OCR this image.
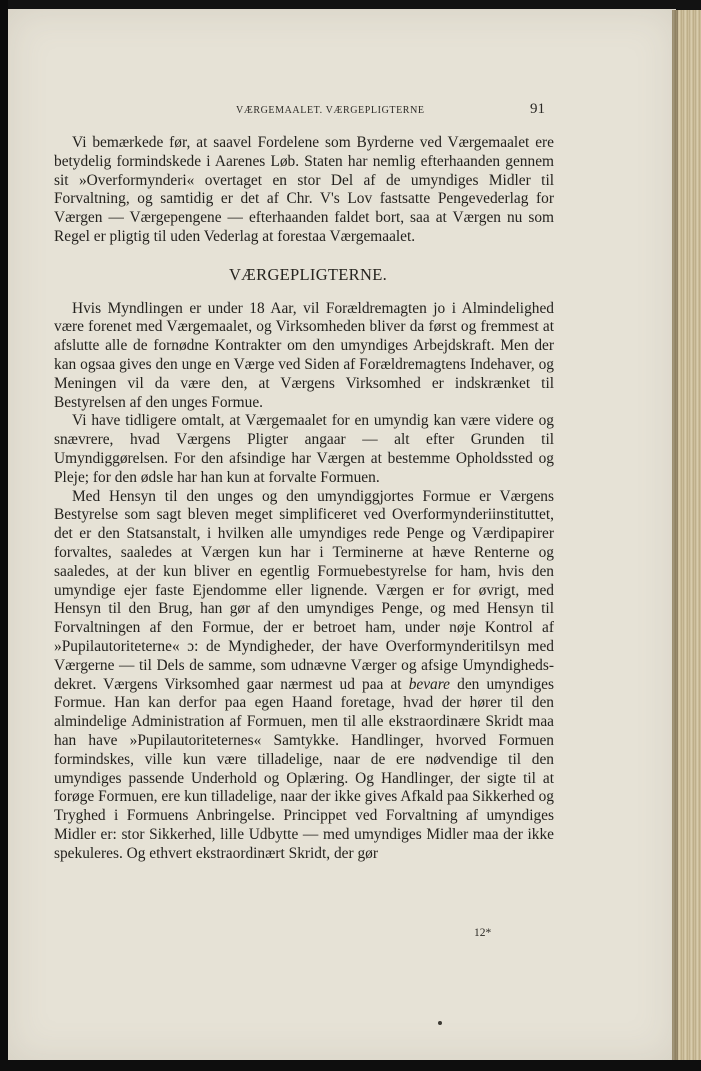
VÆRGEMAALET. VÆRGEPLIGTERNE	91

Vi bemærkede før, at saavel Fordelene som Byrderne ved Værgemaalet ere betydelig formindskede i Aarenes Løb. Staten har nemlig efterhaanden gennem sit »Overformynderi« overtaget en stor Del af de umyndiges Midler til Forvaltning, og samtidig er det af Chr. V's Lov fastsatte Pengevederlag for Værgen — Værgepengene — efterhaanden faldet bort, saa at Værgen nu som Regel er pligtig til uden Vederlag at forestaa Værgemaalet.

VÆRGEPLIGTERNE.

Hvis Myndlingen er under 18 Aar, vil Forældremagten jo i Almindelighed være forenet med Værgemaalet, og Virksomheden bliver da først og fremmest at afslutte alle de fornødne Kontrakter om den umyndiges Arbejdskraft. Men der kan ogsaa gives den unge en Værge ved Siden af Forældremagtens Indehaver, og Meningen vil da være den, at Værgens Virksomhed er indskrænket til Bestyrelsen af den unges Formue.

Vi have tidligere omtalt, at Værgemaalet for en umyndig kan være videre og snævrere, hvad Værgens Pligter angaar — alt efter Grunden til Umyndiggørelsen. For den afsindige har Værgen at bestemme Opholdssted og Pleje; for den ødsle har han kun at forvalte Formuen.

Med Hensyn til den unges og den umyndiggjortes Formue er Værgens Bestyrelse som sagt bleven meget simplificeret ved Overformynderiinstituttet, det er den Statsanstalt, i hvilken alle umyndiges rede Penge og Værdipapirer forvaltes, saaledes at Værgen kun har i Terminerne at hæve Renterne og saaledes, at der kun bliver en egentlig Formuebestyrelse for ham, hvis den umyndige ejer faste Ejendomme eller lignende. Værgen er for øvrigt, med Hensyn til den Brug, han gør af den umyndiges Penge, og med Hensyn til Forvaltningen af den Formue, der er betroet ham, under nøje Kontrol af »Pupilautoriteterne« ɔ: de Myndigheder, der have Overformynderitilsyn med Værgerne — til Dels de samme, som udnævne Værger og afsige Umyndigheds-dekret. Værgens Virksomhed gaar nærmest ud paa at bevare den umyndiges Formue. Han kan derfor paa egen Haand foretage, hvad der hører til den almindelige Administration af Formuen, men til alle ekstraordinære Skridt maa han have »Pupilautoriteternes« Samtykke. Handlinger, hvorved Formuen formindskes, ville kun være tilladelige, naar de ere nødvendige til den umyndiges passende Underhold og Oplæring. Og Handlinger, der sigte til at forøge Formuen, ere kun tilladelige, naar der ikke gives Afkald paa Sikkerhed og Tryghed i Formuens Anbringelse. Princippet ved Forvaltning af umyndiges Midler er: stor Sikkerhed, lille Udbytte — med umyndiges Midler maa der ikke spekuleres. Og ethvert ekstraordinært Skridt, der gør

12*
